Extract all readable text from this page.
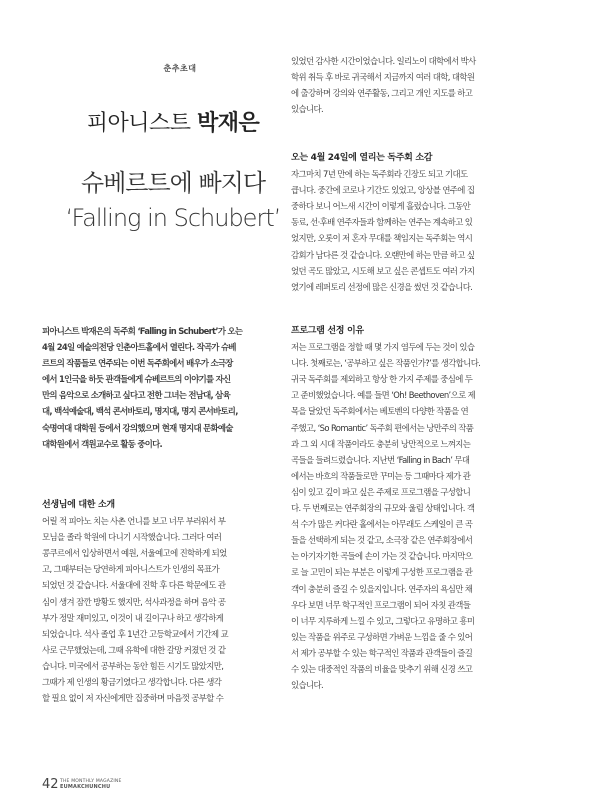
춘추초대
피아니스트 박재은
슈베르트에 빠지다
‘Falling in Schubert’

피아니스트 박재은의 독주회 ‘Falling in Schubert’가 오는

4월 24일 예술의전당 인춘아트홀에서 열린다. 작곡가 슈베

르트의 작품들로 연주되는 이번 독주회에서 배우가 소극장

에서 1인극을 하듯 관객들에게 슈베르트의 이야기를 자신

만의 음악으로 소개하고 싶다고 전한 그녀는 전남대, 삼육

대, 백석예술대, 백석 콘서바토리, 명지대, 명지 콘서바토리,

숙명여대 대학원 등에서 강의했으며 현재 명지대 문화예술

대학원에서 객원교수로 활동 중이다.

선생님에 대한 소개

어릴 적 피아노 치는 사촌 언니를 보고 너무 부러워서 부

모님을 졸라 학원에 다니기 시작했습니다. 그러다 여러

콩쿠르에서 입상하면서 예원, 서울예고에 진학하게 되었

고, 그때부터는 당연하게 피아니스트가 인생의 목표가

되었던 것 같습니다. 서울대에 진학 후 다른 학문에도 관

심이 생겨 잠깐 방황도 했지만, 석사과정을 하며 음악 공

부가 정말 재미있고, 이것이 내 길이구나 하고 생각하게

되었습니다. 석사 졸업 후 1년간 고등학교에서 기간제 교

사로 근무했었는데, 그때 유학에 대한 갈망 커졌던 것 같

습니다. 미국에서 공부하는 동안 힘든 시기도 많았지만,

그때가 제 인생의 황금기였다고 생각합니다. 다른 생각

할 필요 없이 저 자신에게만 집중하며 마음껏 공부할 수

있었던 감사한 시간이었습니다. 일리노이 대학에서 박사

학위 취득 후 바로 귀국해서 지금까지 여러 대학, 대학원

에 출강하며 강의와 연주활동, 그리고 개인 지도를 하고

있습니다.

오는 4월 24일에 열리는 독주회 소감

자그마치 7년 만에 하는 독주회라 긴장도 되고 기대도

큽니다. 중간에 코로나 기간도 있었고, 앙상블 연주에 집

중하다 보니 어느새 시간이 이렇게 흘렀습니다. 그동안

동료, 선·후배 연주자들과 함께하는 연주는 계속하고 있

었지만, 오롯이 저 혼자 무대를 책임지는 독주회는 역시

감회가 남다른 것 같습니다. 오랜만에 하는 만큼 하고 싶

었던 곡도 많았고, 시도해 보고 싶은 콘셉트도 여러 가지

였기에 레퍼토리 선정에 많은 신경을 썼던 것 같습니다.

프로그램 선정 이유

저는 프로그램을 정할 때 몇 가지 염두에 두는 것이 있습

니다. 첫째로는, ‘공부하고 싶은 작품인가?’를 생각합니다.

귀국 독주회를 제외하고 항상 한 가지 주제를 중심에 두

고 준비했었습니다. 예를 들면 ‘Oh! Beethoven’으로 제

목을 달았던 독주회에서는 베토벤의 다양한 작품을 연

주했고, ‘So Romantic’ 독주회 편에서는 낭만주의 작품

과 그 외 시대 작품이라도 충분히 낭만적으로 느껴지는

곡들을 들려드렸습니다. 지난번 ‘Falling in Bach’ 무대

에서는 바흐의 작품들로만 꾸미는 등 그때마다 제가 관

심이 있고 깊이 파고 싶은 주제로 프로그램을 구성합니

다. 두 번째로는 연주회장의 규모와 울림 상태입니다. 객

석 수가 많은 커다란 홀에서는 아무래도 스케일이 큰 곡

들을 선택하게 되는 것 같고, 소극장 같은 연주회장에서

는 아기자기한 곡들에 손이 가는 것 같습니다. 마지막으

로 늘 고민이 되는 부분은 이렇게 구성한 프로그램을 관

객이 충분히 즐길 수 있을지입니다. 연주자의 욕심만 채

우다 보면 너무 학구적인 프로그램이 되어 자칫 관객들

이 너무 지루하게 느낄 수 있고, 그렇다고 유명하고 흥미

있는 작품을 위주로 구성하면 가벼운 느낌을 줄 수 있어

서 제가 공부할 수 있는 학구적인 작품과 관객들이 즐길

수 있는 대중적인 작품의 비율을 맞추기 위해 신경 쓰고

있습니다.

42 THE MONTHLY MAGAZINE
EUMAKCHUNCHU
